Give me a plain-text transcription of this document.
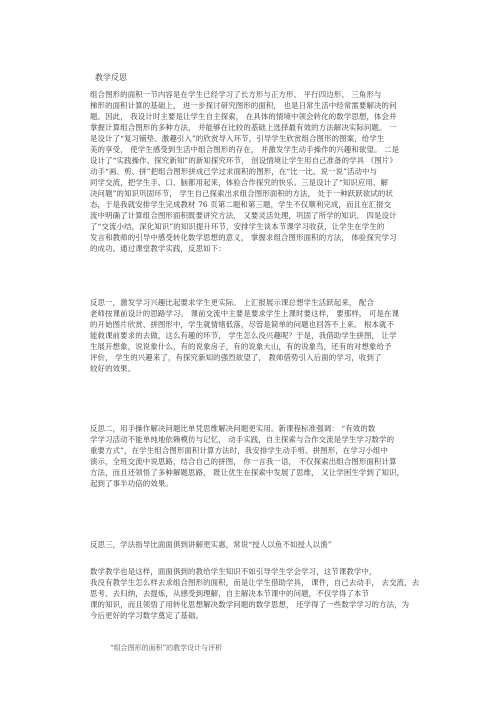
教学反思
组合图形的面积一节内容是在学生已经学习了长方形与正方形、 平行四边形、 三角形与
梯形的面积计算的基础上， 进一步探讨研究图形的面积， 也是日常生活中经常需要解决的问
题。因此， 我设计时主要是让学生自主探索， 在具体的情境中领会转化的数学思想，体会并
掌握计算组合图形的多种方法， 并能够在比较的基础上选择最有效的方法解决实际问题。 一
是设计了“复习铺垫、激趣引入”的欣赏导入环节，引导学生欣赏组合图形的图案，给学生
美的享受， 使学生感受到生活中组合图形的存在， 并激发学生动手操作的兴趣和欲望。 二是
设计了“实践操作、探究新知”的新知探究环节， 创设情境让学生用自己准备的学具 《图片》
动手“画、剪、拼”把组合图形拼成已学过求面积的图形，在“比一比、说一说”活动中与
同学交流，把学生手、口、脑都用起来，体验合作探究的快乐。三是设计了“知识应用、解
决问题”的知识巩固环节， 学生自己探索出求组合图形面积的方法， 处于一种跃跃欲试的状
态，于是我就安排学生完成教材 76 页第二题和第三题，学生不仅顺利完成，而且在汇报交
流中明确了计算组合图形面积既要讲究方法， 又要灵活处理，巩固了所学的知识。 四是设计
了“交流小结，深化知识”的知识提升环节，安排学生谈本节课学习收获，让学生在学生的
发言和教师的引导中感受转化数学思想的意义， 掌握求组合图形面积的方法， 体验探究学习
的成功。通过课堂教学实践，反思如下：
反思一，激发学习兴趣比起要求学生更实际。 上汇报展示课总想学生活跃起来， 配合
老师按课前设计的思路学习。 课前交流中主要是要求学生上课时要这样， 要那样， 可是在课
的开始图片欣赏、拼图形中，学生就情绪低落，尽管是简单的问题也回答不上来。 根本就不
能救课前要求的去做，这么有趣的环节， 学生怎么没兴趣呢？于是，我借助学生拼图， 让学
生展开想象，说说象什么，有的说象房子，有的说象大山，有的说象鸟，还有的对想象给予
评价， 学生的兴趣来了，有探究新知的强烈欲望了， 教师借势引入后面的学习，收到了
较好的效果。
反思二，用手操作解决问题比单凭思维解决问题更实用。新课程标准强调： “有效的数
学学习活动不能单纯地依赖模仿与记忆， 动手实践，自主探索与合作交流是学生学习数学的
重要方式”，在学生组合图形面积计算方法时，我安排学生动手剪、拼图形，在学习小组中
演示，全班交流中说思路，结合自己的拼图， 你一言我一语， 不仅探索出组合图形面积计算
方法，而且还领悟了多种解题思路， 既让优生在探索中发展了思维， 又让学困生学到了知识，
起到了事半功倍的效果。
反思三，学法指导比面面俱到讲解更实惠，常说“授人以鱼不如授人以渔”
数学教学也是这样，面面俱到的教给学生知识不如引导学生学会学习，这节课教学中，
我没有教学生怎么样去求组合图形的面积，而是让学生借助学具， 课件，自己去动手， 去交流，去
思考、去归纳，去提炼，从感受到理解，自主解决本节课中的问题，不仅学得了本节
课的知识，而且领悟了用转化思想解决数学问题的数学思想， 还学得了一些数学学习的方法，为
今后更好的学习数学奠定了基础。
“组合图形的面积”的教学设计与评析
